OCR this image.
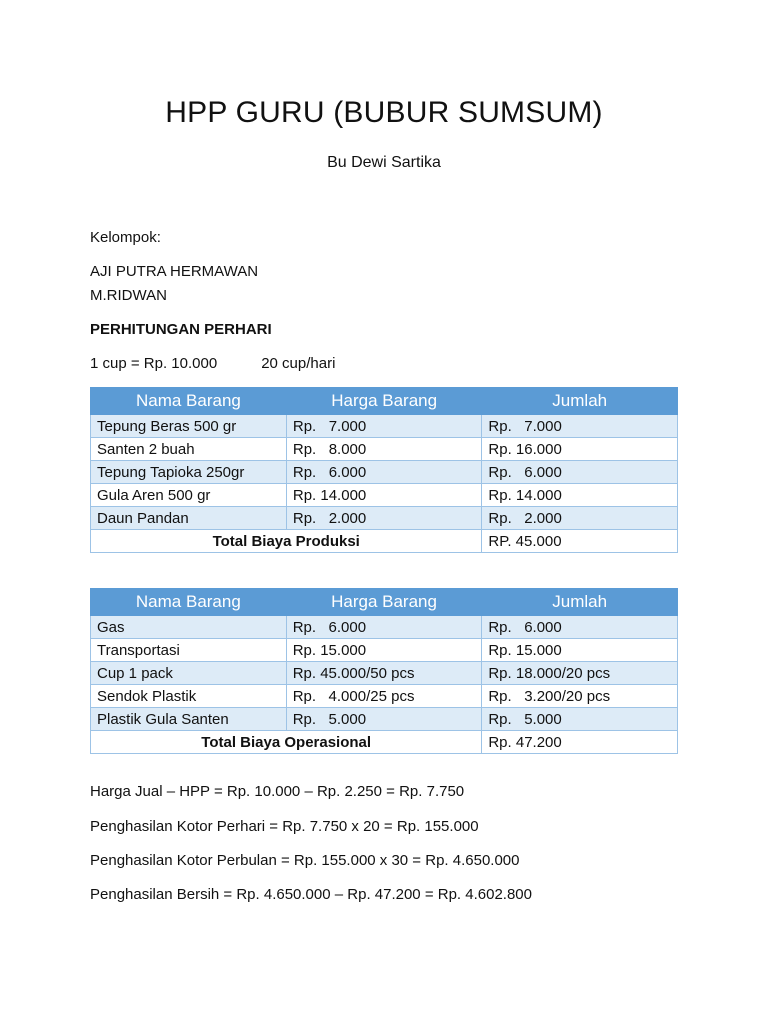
HPP GURU (BUBUR SUMSUM)
Bu Dewi Sartika
Kelompok:
AJI PUTRA HERMAWAN
M.RIDWAN
PERHITUNGAN PERHARI
1 cup = Rp. 10.000	20 cup/hari
Nama Barang	Harga Barang	Jumlah
Tepung Beras 500 gr	Rp.   7.000	Rp.   7.000
Santen 2 buah	Rp.   8.000	Rp. 16.000
Tepung Tapioka 250gr	Rp.   6.000	Rp.   6.000
Gula Aren 500 gr	Rp. 14.000	Rp. 14.000
Daun Pandan	Rp.   2.000	Rp.   2.000
Total Biaya Produksi		RP. 45.000
Nama Barang	Harga Barang	Jumlah
Gas	Rp.   6.000	Rp.   6.000
Transportasi	Rp. 15.000	Rp. 15.000
Cup 1 pack	Rp. 45.000/50 pcs	Rp. 18.000/20 pcs
Sendok Plastik	Rp.   4.000/25 pcs	Rp.   3.200/20 pcs
Plastik Gula Santen	Rp.   5.000	Rp.   5.000
Total Biaya Operasional		Rp. 47.200
Harga Jual – HPP = Rp. 10.000 – Rp. 2.250 = Rp. 7.750
Penghasilan Kotor Perhari = Rp. 7.750 x 20 = Rp. 155.000
Penghasilan Kotor Perbulan = Rp. 155.000 x 30 = Rp. 4.650.000
Penghasilan Bersih = Rp. 4.650.000 – Rp. 47.200 = Rp. 4.602.800
